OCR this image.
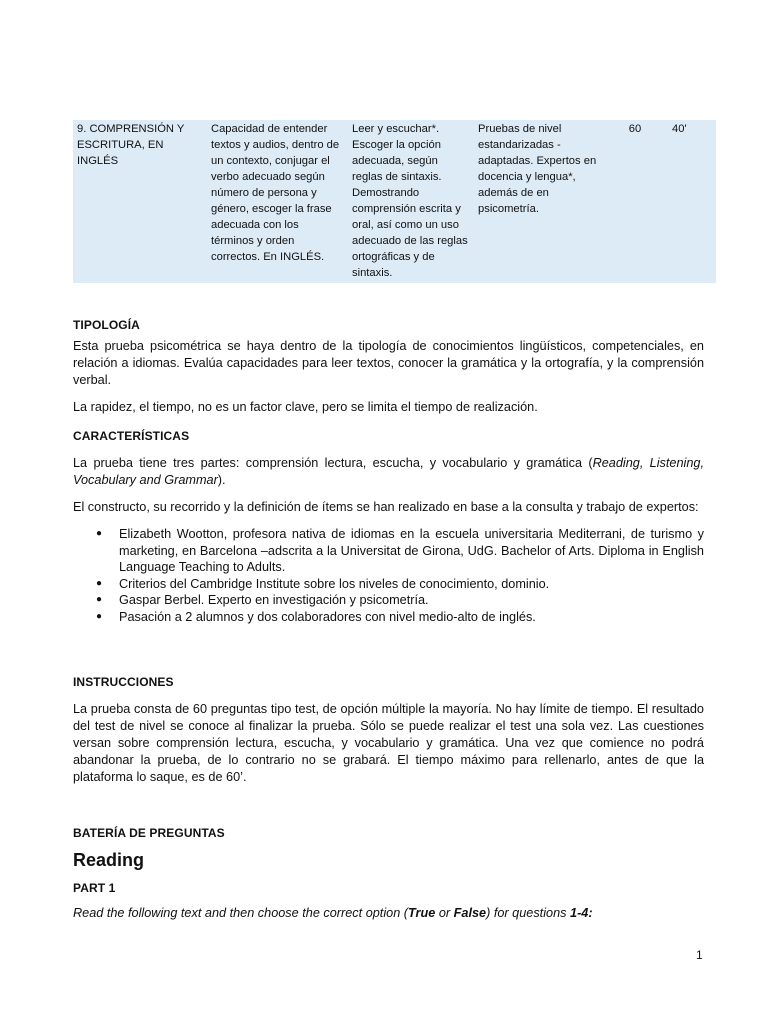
9. COMPRENSIÓN Y ESCRITURA, EN INGLÉS	Capacidad de entender textos y audios, dentro de un contexto, conjugar el verbo adecuado según número de persona y género, escoger la frase adecuada con los términos y orden correctos. En INGLÉS.	Leer y escuchar*. Escoger la opción adecuada, según reglas de sintaxis. Demostrando comprensión escrita y oral, así como un uso adecuado de las reglas ortográficas y de sintaxis.	Pruebas de nivel estandarizadas - adaptadas. Expertos en docencia y lengua*, además de en psicometría.	60	40'
TIPOLOGÍA

Esta prueba psicométrica se haya dentro de la tipología de conocimientos lingüísticos, competenciales, en relación a idiomas. Evalúa capacidades para leer textos, conocer la gramática y la ortografía, y la comprensión verbal.

La rapidez, el tiempo, no es un factor clave, pero se limita el tiempo de realización.

CARACTERÍSTICAS

La prueba tiene tres partes: comprensión lectura, escucha, y vocabulario y gramática (Reading, Listening, Vocabulary and Grammar).

El constructo, su recorrido y la definición de ítems se han realizado en base a la consulta y trabajo de expertos:

● Elizabeth Wootton, profesora nativa de idiomas en la escuela universitaria Mediterrani, de turismo y marketing, en Barcelona –adscrita a la Universitat de Girona, UdG. Bachelor of Arts. Diploma in English Language Teaching to Adults.
● Criterios del Cambridge Institute sobre los niveles de conocimiento, dominio.
● Gaspar Berbel. Experto en investigación y psicometría.
● Pasación a 2 alumnos y dos colaboradores con nivel medio-alto de inglés.
INSTRUCCIONES

La prueba consta de 60 preguntas tipo test, de opción múltiple la mayoría. No hay límite de tiempo. El resultado del test de nivel se conoce al finalizar la prueba. Sólo se puede realizar el test una sola vez. Las cuestiones versan sobre comprensión lectura, escucha, y vocabulario y gramática. Una vez que comience no podrá abandonar la prueba, de lo contrario no se grabará. El tiempo máximo para rellenarlo, antes de que la plataforma lo saque, es de 60’.

BATERÍA DE PREGUNTAS
Reading
PART 1

Read the following text and then choose the correct option (True or False) for questions 1-4:

1
